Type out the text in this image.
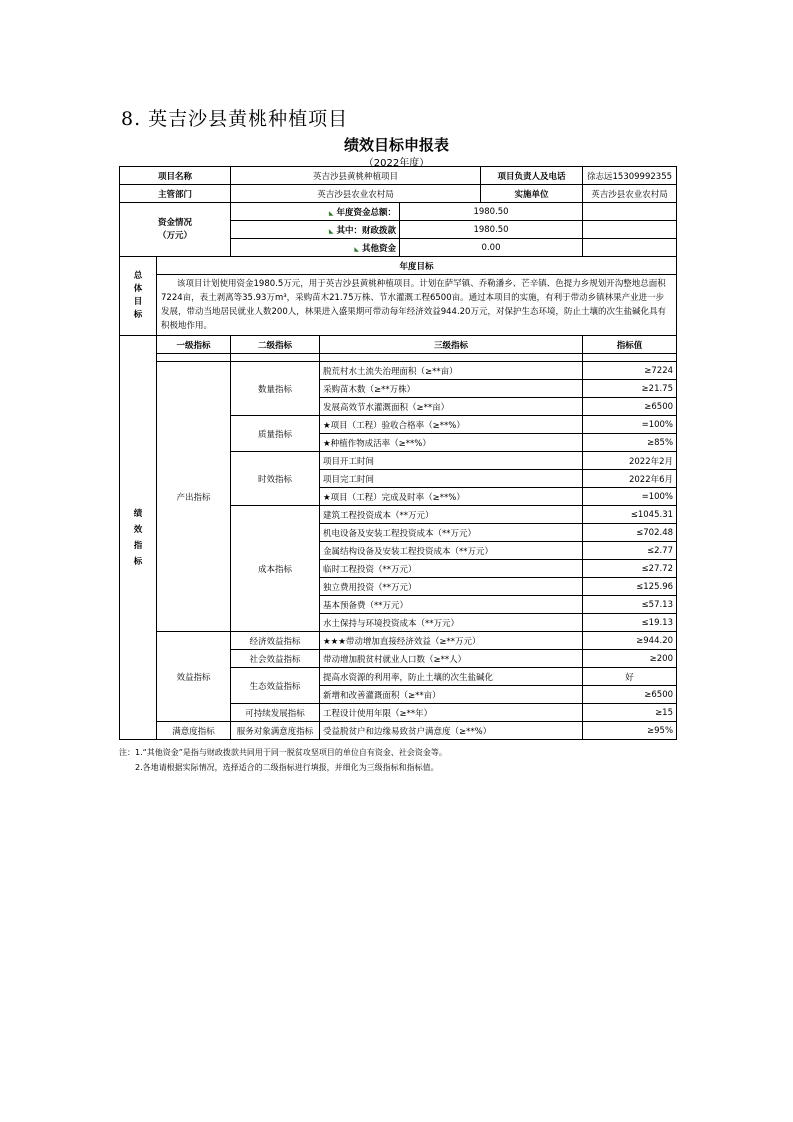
8. 英吉沙县黄桃种植项目
绩效目标申报表
（2022年度）
项目名称		英吉沙县黄桃种植项目			项目负责人及电话	徐志远15309992355
主管部门		英吉沙县农业农村局			实施单位	英吉沙县农业农村局
资金情况
（万元）		◣ 年度资金总额：		1980.50		
		◣ 其中：财政拨款		1980.50		
		◣ 其他资金		0.00		
总
体
目
标	年度目标					
	该项目计划使用资金1980.5万元，用于英吉沙县黄桃种植项目。计划在萨罕镇、乔勒潘乡、芒辛镇、色提力乡规划开沟整地总面积7224亩，表土剥离等35.93万m³，采购苗木21.75万株、节水灌溉工程6500亩。通过本项目的实施，有利于带动乡镇林果产业进一步发展，带动当地居民就业人数200人，林果进入盛果期可带动每年经济效益944.20万元，对保护生态环境，防止土壤的次生盐碱化具有积极地作用。					
绩
效
指
标	一级指标	二级指标	三级指标			指标值

	产出指标	数量指标	脱荒村水土流失治理面积（≥**亩）			≥7224
			采购苗木数（≥**万株）			≥21.75
			发展高效节水灌溉面积（≥**亩）			≥6500
		质量指标	★项目（工程）验收合格率（≥**%）			=100%
			★种植作物成活率（≥**%）			≥85%
		时效指标	项目开工时间			2022年2月
			项目完工时间			2022年6月
			★项目（工程）完成及时率（≥**%）			=100%
		成本指标	建筑工程投资成本（**万元）			≤1045.31
			机电设备及安装工程投资成本（**万元）			≤702.48
			金属结构设备及安装工程投资成本（**万元）			≤2.77
			临时工程投资（**万元）			≤27.72
			独立费用投资（**万元）			≤125.96
			基本预备费（**万元）			≤57.13
			水土保持与环境投资成本（**万元）			≤19.13
	效益指标	经济效益指标	★★★带动增加直接经济效益（≥**万元）			≥944.20
		社会效益指标	带动增加脱贫村就业人口数（≥**人）			≥200
		生态效益指标	提高水资源的利用率，防止土壤的次生盐碱化			好
			新增和改善灌溉面积（≥**亩）			≥6500
		可持续发展指标	工程设计使用年限（≥**年）			≥15
	满意度指标	服务对象满意度指标	受益脱贫户和边缘易致贫户满意度（≥**%）			≥95%
注：1.“其他资金”是指与财政拨款共同用于同一脱贫攻坚项目的单位自有资金、社会资金等。
2.各地请根据实际情况，选择适合的二级指标进行填报，并细化为三级指标和指标值。
